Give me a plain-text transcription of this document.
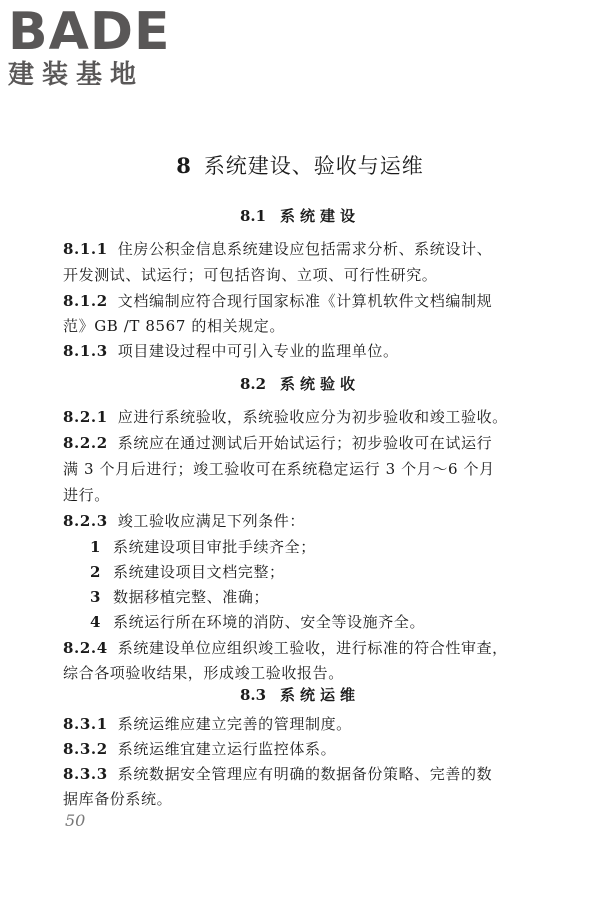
BADE
建装基地
8 系统建设、验收与运维
8.1 系统建设
8.1.1 住房公积金信息系统建设应包括需求分析、系统设计、
开发测试、试运行；可包括咨询、立项、可行性研究。
8.1.2 文档编制应符合现行国家标准《计算机软件文档编制规
范》GB /T 8567 的相关规定。
8.1.3 项目建设过程中可引入专业的监理单位。
8.2 系统验收
8.2.1 应进行系统验收，系统验收应分为初步验收和竣工验收。
8.2.2 系统应在通过测试后开始试运行；初步验收可在试运行
满 3 个月后进行；竣工验收可在系统稳定运行 3 个月～6 个月
进行。
8.2.3 竣工验收应满足下列条件：
1 系统建设项目审批手续齐全；
2 系统建设项目文档完整；
3 数据移植完整、准确；
4 系统运行所在环境的消防、安全等设施齐全。
8.2.4 系统建设单位应组织竣工验收，进行标准的符合性审查，
综合各项验收结果，形成竣工验收报告。
8.3 系统运维
8.3.1 系统运维应建立完善的管理制度。
8.3.2 系统运维宜建立运行监控体系。
8.3.3 系统数据安全管理应有明确的数据备份策略、完善的数
据库备份系统。
50
